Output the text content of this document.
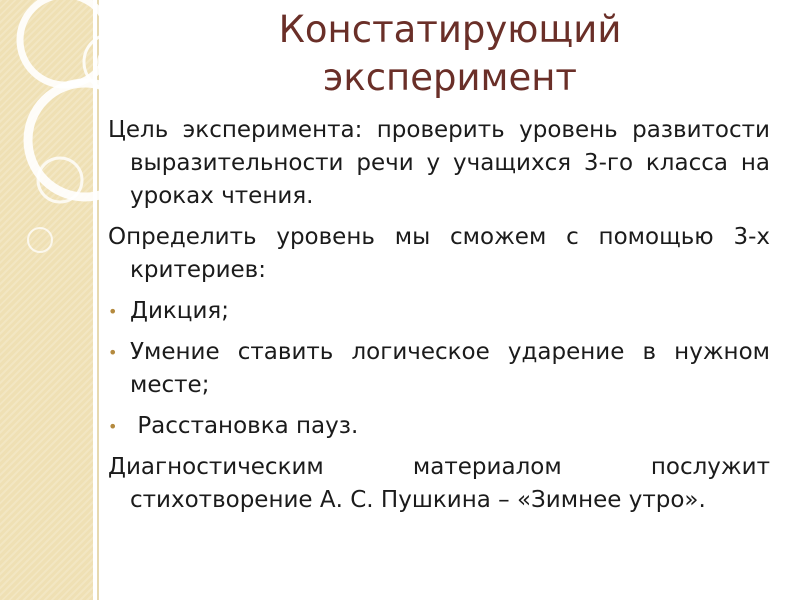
Констатирующий
эксперимент

Цель эксперимента: проверить уровень развитости выразительности речи у учащихся 3-го класса на уроках чтения.

Определить уровень мы сможем с помощью 3-х критериев:

• Дикция;
• Умение ставить логическое ударение в нужном месте;
• Расстановка пауз.

Диагностическим материалом послужит стихотворение А. С. Пушкина – «Зимнее утро».
